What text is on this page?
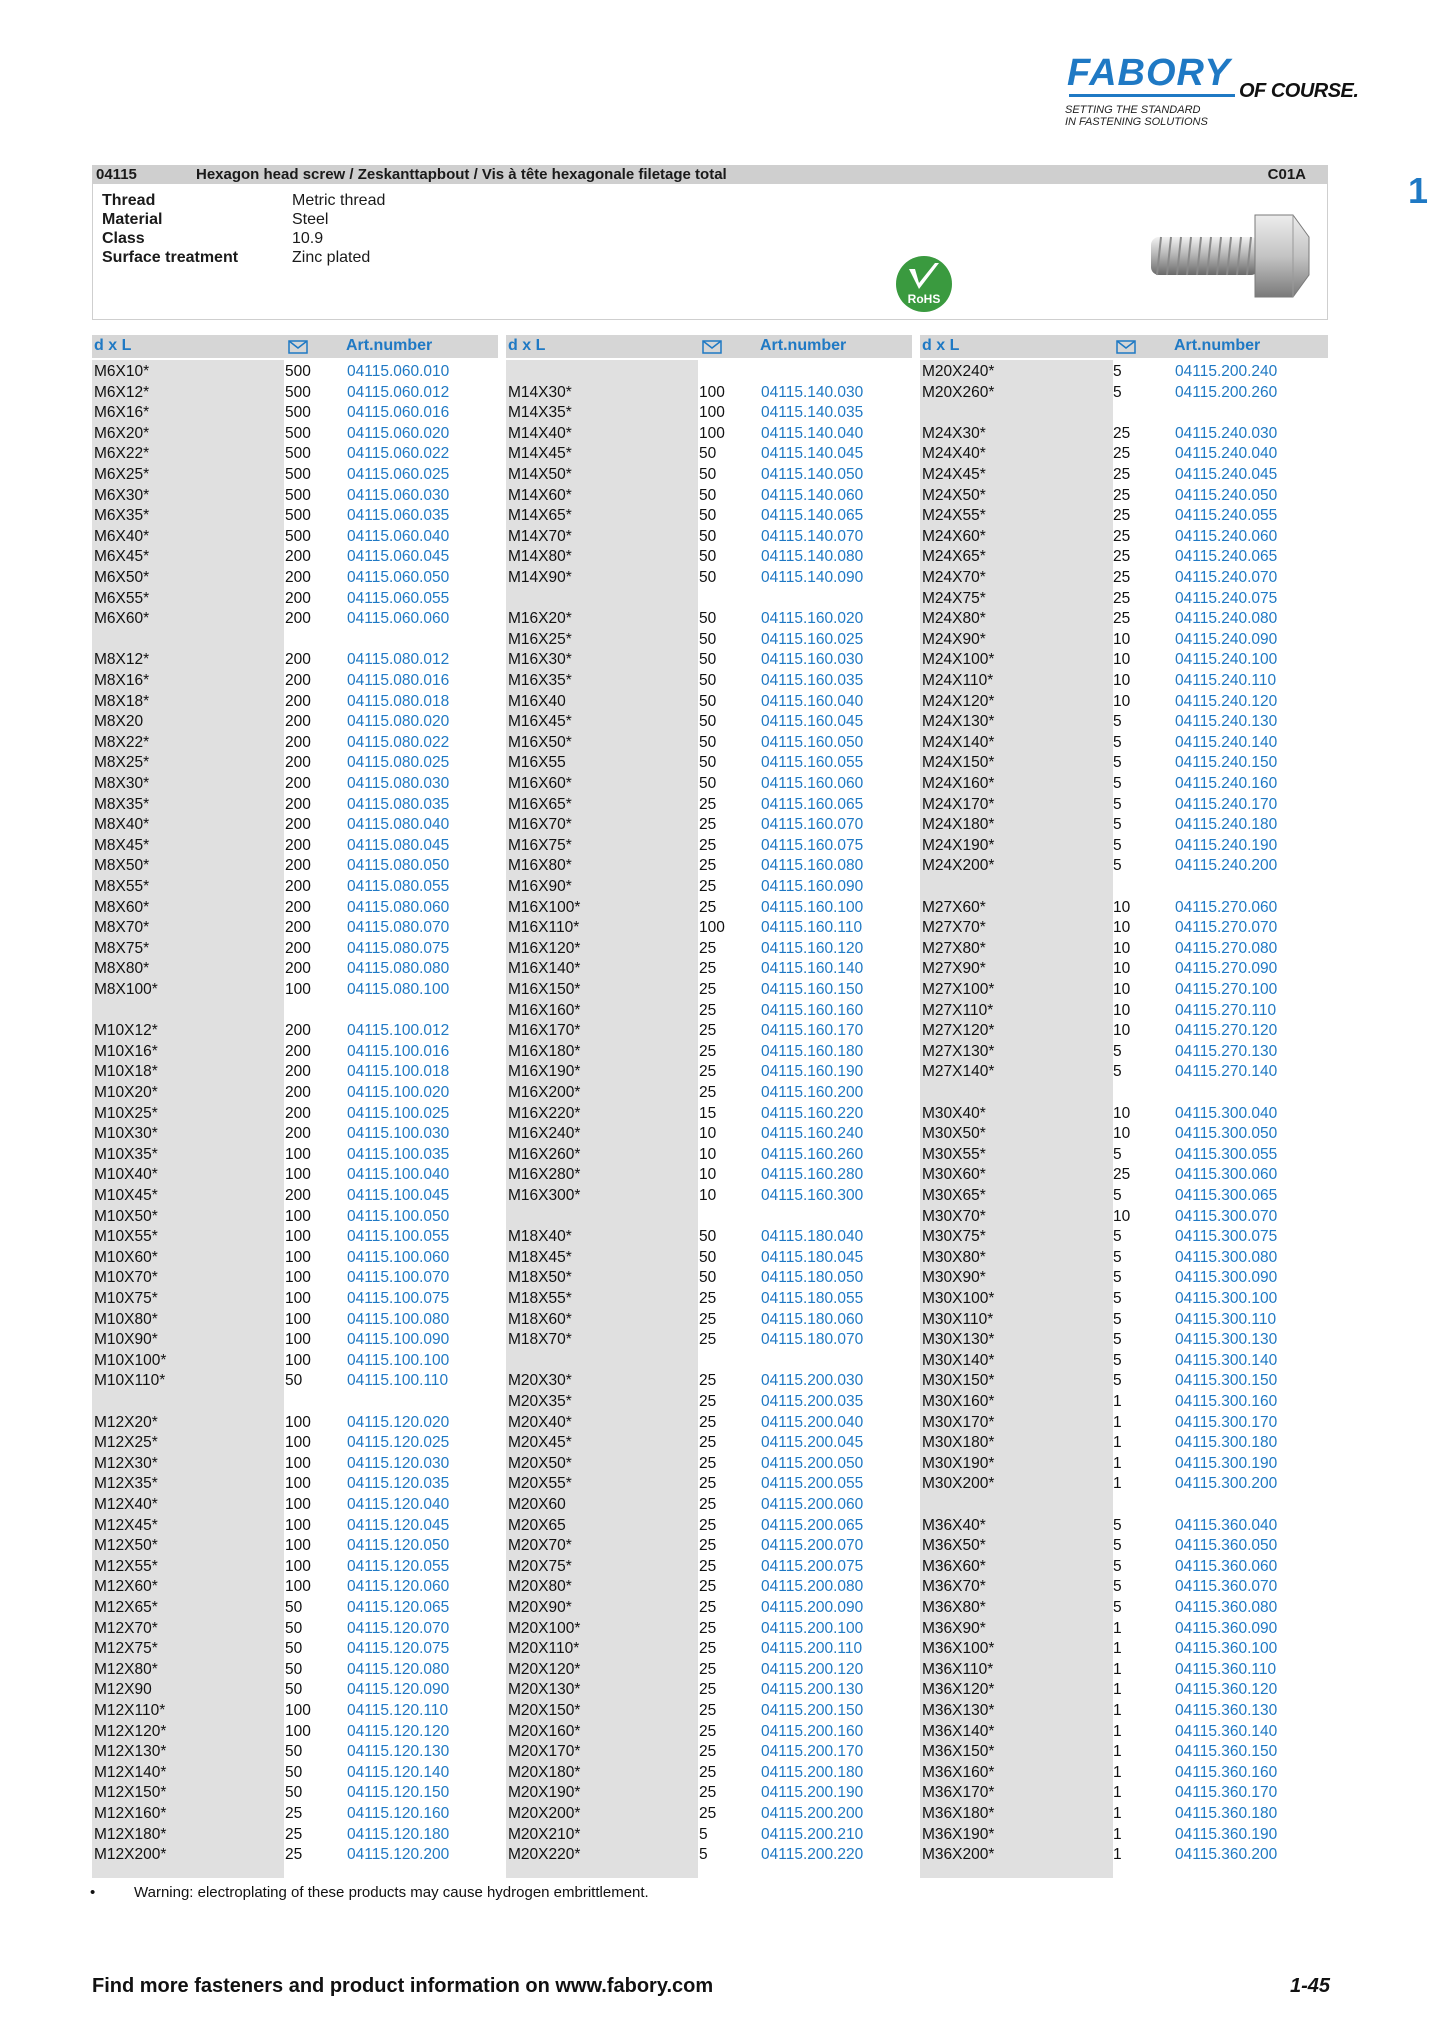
FABORY OF COURSE.
SETTING THE STANDARD
IN FASTENING SOLUTIONS
1
04115	Hexagon head screw / Zeskanttapbout / Vis à tête hexagonale filetage total	C01A
Thread	Metric thread
Material	Steel
Class	10.9
Surface treatment	Zinc plated
RoHS
d x L	Art.number	d x L	Art.number	d x L	Art.number
M6X10*	500 04115.060.010
M6X12*	500 04115.060.012
M6X16*	500 04115.060.016
M6X20*	500 04115.060.020
M6X22*	500 04115.060.022
M6X25*	500 04115.060.025
M6X30*	500 04115.060.030
M6X35*	500 04115.060.035
M6X40*	500 04115.060.040
M6X45*	200 04115.060.045
M6X50*	200 04115.060.050
M6X55*	200 04115.060.055
M6X60*	200 04115.060.060
M8X12*	200 04115.080.012
M8X16*	200 04115.080.016
M8X18*	200 04115.080.018
M8X20	200 04115.080.020
M8X22*	200 04115.080.022
M8X25*	200 04115.080.025
M8X30*	200 04115.080.030
M8X35*	200 04115.080.035
M8X40*	200 04115.080.040
M8X45*	200 04115.080.045
M8X50*	200 04115.080.050
M8X55*	200 04115.080.055
M8X60*	200 04115.080.060
M8X70*	200 04115.080.070
M8X75*	200 04115.080.075
M8X80*	200 04115.080.080
M8X100*	100 04115.080.100
M10X12*	200 04115.100.012
M10X16*	200 04115.100.016
M10X18*	200 04115.100.018
M10X20*	200 04115.100.020
M10X25*	200 04115.100.025
M10X30*	200 04115.100.030
M10X35*	100 04115.100.035
M10X40*	100 04115.100.040
M10X45*	200 04115.100.045
M10X50*	100 04115.100.050
M10X55*	100 04115.100.055
M10X60*	100 04115.100.060
M10X70*	100 04115.100.070
M10X75*	100 04115.100.075
M10X80*	100 04115.100.080
M10X90*	100 04115.100.090
M10X100*	100 04115.100.100
M10X110*	50	04115.100.110
M12X20*	100 04115.120.020
M12X25*	100 04115.120.025
M12X30*	100 04115.120.030
M12X35*	100 04115.120.035
M12X40*	100 04115.120.040
M12X45*	100 04115.120.045
M12X50*	100 04115.120.050
M12X55*	100 04115.120.055
M12X60*	100 04115.120.060
M12X65*	50	04115.120.065
M12X70*	50	04115.120.070
M12X75*	50	04115.120.075
M12X80*	50	04115.120.080
M12X90	50	04115.120.090
M12X110*	100 04115.120.110
M12X120*	100 04115.120.120
M12X130*	50	04115.120.130
M12X140*	50	04115.120.140
M12X150*	50	04115.120.150
M12X160*	25	04115.120.160
M12X180*	25	04115.120.180
M12X200*	25	04115.120.200
M14X30*	100 04115.140.030
M14X35*	100 04115.140.035
M14X40*	100 04115.140.040
M14X45*	50	04115.140.045
M14X50*	50	04115.140.050
M14X60*	50	04115.140.060
M14X65*	50	04115.140.065
M14X70*	50	04115.140.070
M14X80*	50	04115.140.080
M14X90*	50	04115.140.090
M16X20*	50	04115.160.020
M16X25*	50	04115.160.025
M16X30*	50	04115.160.030
M16X35*	50	04115.160.035
M16X40	50	04115.160.040
M16X45*	50	04115.160.045
M16X50*	50	04115.160.050
M16X55	50	04115.160.055
M16X60*	50	04115.160.060
M16X65*	25	04115.160.065
M16X70*	25	04115.160.070
M16X75*	25	04115.160.075
M16X80*	25	04115.160.080
M16X90*	25	04115.160.090
M16X100*	25	04115.160.100
M16X110*	100 04115.160.110
M16X120*	25	04115.160.120
M16X140*	25	04115.160.140
M16X150*	25	04115.160.150
M16X160*	25	04115.160.160
M16X170*	25	04115.160.170
M16X180*	25	04115.160.180
M16X190*	25	04115.160.190
M16X200*	25	04115.160.200
M16X220*	15	04115.160.220
M16X240*	10	04115.160.240
M16X260*	10	04115.160.260
M16X280*	10	04115.160.280
M16X300*	10	04115.160.300
M18X40*	50	04115.180.040
M18X45*	50	04115.180.045
M18X50*	50	04115.180.050
M18X55*	25	04115.180.055
M18X60*	25	04115.180.060
M18X70*	25	04115.180.070
M20X30*	25	04115.200.030
M20X35*	25	04115.200.035
M20X40*	25	04115.200.040
M20X45*	25	04115.200.045
M20X50*	25	04115.200.050
M20X55*	25	04115.200.055
M20X60	25	04115.200.060
M20X65	25	04115.200.065
M20X70*	25	04115.200.070
M20X75*	25	04115.200.075
M20X80*	25	04115.200.080
M20X90*	25	04115.200.090
M20X100*	25	04115.200.100
M20X110*	25	04115.200.110
M20X120*	25	04115.200.120
M20X130*	25	04115.200.130
M20X150*	25	04115.200.150
M20X160*	25	04115.200.160
M20X170*	25	04115.200.170
M20X180*	25	04115.200.180
M20X190*	25	04115.200.190
M20X200*	25	04115.200.200
M20X210*	5	04115.200.210
M20X220*	5	04115.200.220
M20X240*	5	04115.200.240
M20X260*	5	04115.200.260
M24X30*	25	04115.240.030
M24X40*	25	04115.240.040
M24X45*	25	04115.240.045
M24X50*	25	04115.240.050
M24X55*	25	04115.240.055
M24X60*	25	04115.240.060
M24X65*	25	04115.240.065
M24X70*	25	04115.240.070
M24X75*	25	04115.240.075
M24X80*	25	04115.240.080
M24X90*	10	04115.240.090
M24X100*	10	04115.240.100
M24X110*	10	04115.240.110
M24X120*	10	04115.240.120
M24X130*	5	04115.240.130
M24X140*	5	04115.240.140
M24X150*	5	04115.240.150
M24X160*	5	04115.240.160
M24X170*	5	04115.240.170
M24X180*	5	04115.240.180
M24X190*	5	04115.240.190
M24X200*	5	04115.240.200
M27X60*	10	04115.270.060
M27X70*	10	04115.270.070
M27X80*	10	04115.270.080
M27X90*	10	04115.270.090
M27X100*	10	04115.270.100
M27X110*	10	04115.270.110
M27X120*	10	04115.270.120
M27X130*	5	04115.270.130
M27X140*	5	04115.270.140
M30X40*	10	04115.300.040
M30X50*	10	04115.300.050
M30X55*	5	04115.300.055
M30X60*	25	04115.300.060
M30X65*	5	04115.300.065
M30X70*	10	04115.300.070
M30X75*	5	04115.300.075
M30X80*	5	04115.300.080
M30X90*	5	04115.300.090
M30X100*	5	04115.300.100
M30X110*	5	04115.300.110
M30X130*	5	04115.300.130
M30X140*	5	04115.300.140
M30X150*	5	04115.300.150
M30X160*	1	04115.300.160
M30X170*	1	04115.300.170
M30X180*	1	04115.300.180
M30X190*	1	04115.300.190
M30X200*	1	04115.300.200
M36X40*	5	04115.360.040
M36X50*	5	04115.360.050
M36X60*	5	04115.360.060
M36X70*	5	04115.360.070
M36X80*	5	04115.360.080
M36X90*	1	04115.360.090
M36X100*	1	04115.360.100
M36X110*	1	04115.360.110
M36X120*	1	04115.360.120
M36X130*	1	04115.360.130
M36X140*	1	04115.360.140
M36X150*	1	04115.360.150
M36X160*	1	04115.360.160
M36X170*	1	04115.360.170
M36X180*	1	04115.360.180
M36X190*	1	04115.360.190
M36X200*	1	04115.360.200
•	Warning: electroplating of these products may cause hydrogen embrittlement.
Find more fasteners and product information on www.fabory.com	1-45
